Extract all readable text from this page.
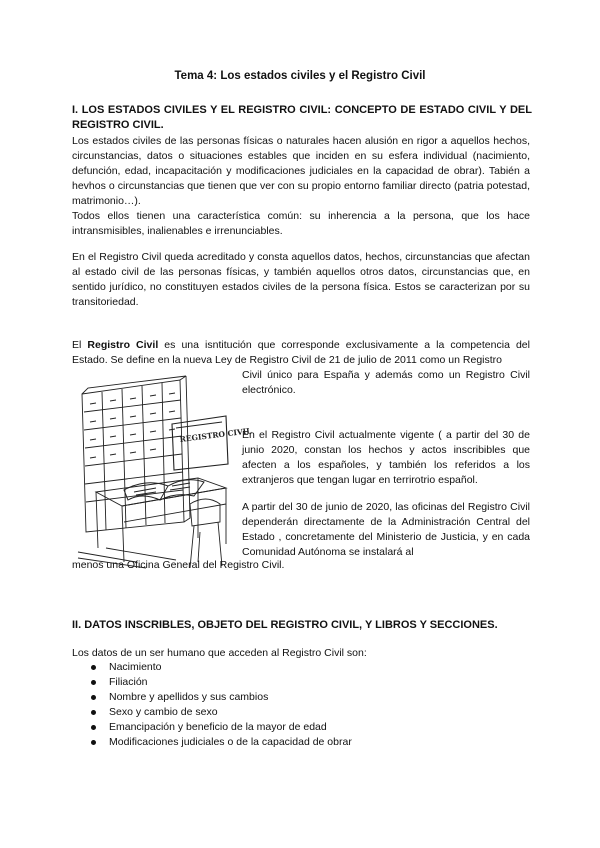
Tema 4: Los estados civiles y el Registro Civil
I. LOS ESTADOS CIVILES Y EL REGISTRO CIVIL: CONCEPTO DE ESTADO CIVIL Y DEL REGISTRO CIVIL.

Los estados civiles de las personas físicas o naturales hacen alusión en rigor a aquellos hechos, circunstancias, datos o situaciones estables que inciden en su esfera individual (nacimiento, defunción, edad, incapacitación y modificaciones judiciales en la capacidad de obrar). Tabién a hevhos o circunstancias que tienen que ver con su propio entorno familiar directo (patria potestad, matrimonio…).

Todos ellos tienen una característica común: su inherencia a la persona, que los hace intransmisibles, inalienables e irrenunciables.

En el Registro Civil queda acreditado y consta aquellos datos, hechos, circunstancias que afectan al estado civil de las personas físicas, y también aquellos otros datos, circunstancias que, en sentido jurídico, no constituyen estados civiles de la persona física. Estos se caracterizan por su transitoriedad.

El Registro Civil es una isntitución que corresponde exclusivamente a la competencia del Estado. Se define en la nueva Ley de Registro Civil de 21 de julio de 2011 como un Registro

Civil único para España y además como un Registro Civil electrónico.

En el Registro Civil actualmente vigente ( a partir del 30 de junio 2020, constan los hechos y actos inscribibles que afecten a los españoles, y también los referidos a los extranjeros que tengan lugar en terrirotrio español.

A partir del 30 de junio de 2020, las oficinas del Registro Civil dependerán directamente de la Administración Central del Estado , concretamente del Ministerio de Justicia, y en cada Comunidad Autónoma se instalará al

menos una Oficina General del Registro Civil.

REGISTRO CIVIL
II. DATOS INSCRIBLES, OBJETO DEL REGISTRO CIVIL, Y LIBROS Y SECCIONES.

Los datos de un ser humano que acceden al Registro Civil son:

Nacimiento
Filiación
Nombre y apellidos y sus cambios
Sexo y cambio de sexo
Emancipación y beneficio de la mayor de edad
Modificaciones judiciales o de la capacidad de obrar
